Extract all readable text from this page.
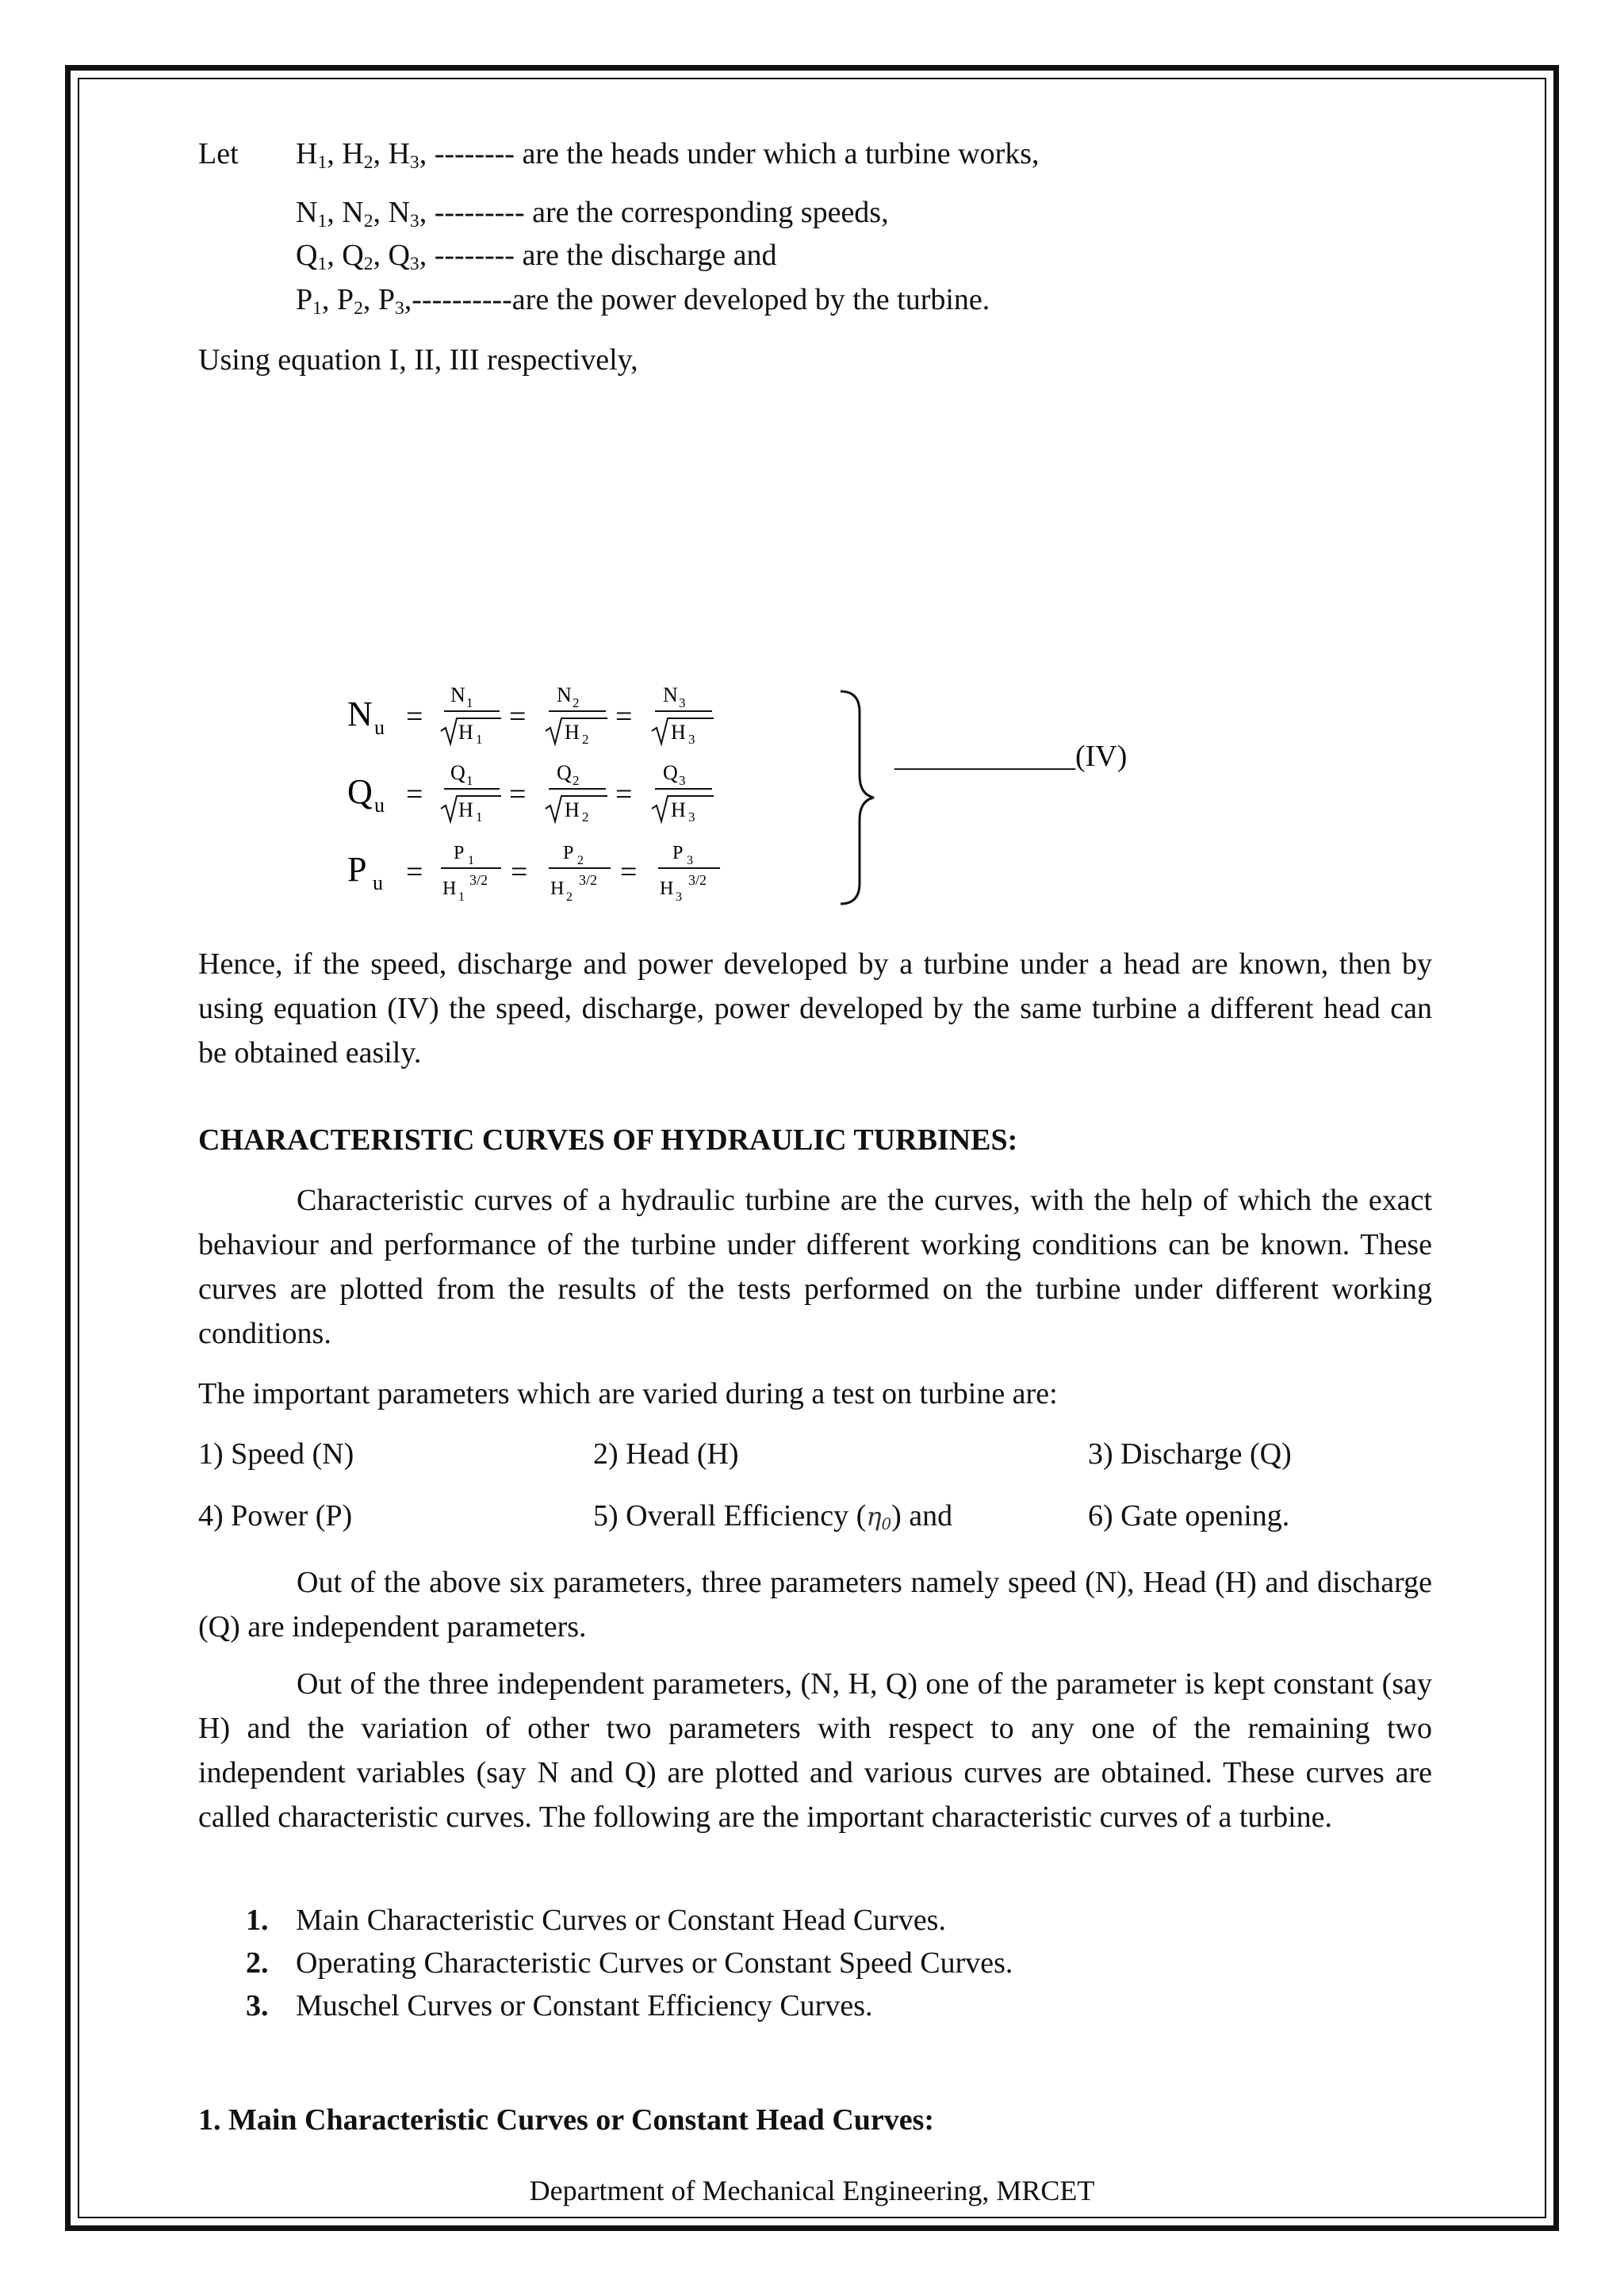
Let $H_1$, $H_2$, $H_3$, -------- are the heads under which a turbine works,
$N_1$, $N_2$, $N_3$, --------- are the corresponding speeds,
$Q_1$, $Q_2$, $Q_3$, -------- are the discharge and
$P_1$, $P_2$, $P_3,---------$-are the power developed by the turbine.
Using equation I, II, III respectively,
N u =
N 1
H 1
=
N 2
H 2
=
N 3
H 3
Q u =
Q 1
H 1
=
Q 2
H 2
=
Q 3
H 3
P u =
P 1
H 1
3/2 =
P 2
H 2
3/2 =
P 3
H 3
3/2
____________(IV)
Hence, if the speed, discharge and power developed by a turbine under a head are known, then by using equation (IV) the speed, discharge, power developed by the same turbine a different head can be obtained easily.
CHARACTERISTIC CURVES OF HYDRAULIC TURBINES:
Characteristic curves of a hydraulic turbine are the curves, with the help of which the exact behaviour and performance of the turbine under different working conditions can be known. These curves are plotted from the results of the tests performed on the turbine under different working conditions.
The important parameters which are varied during a test on turbine are:
1) Speed (N)	2) Head (H)	3) Discharge (Q)
4) Power (P)	5) Overall Efficiency $(\eta_0)$ and	6) Gate opening.
Out of the above six parameters, three parameters namely speed (N), Head (H) and discharge (Q) are independent parameters.
Out of the three independent parameters, (N, H, Q) one of the parameter is kept constant (say H) and the variation of other two parameters with respect to any one of the remaining two independent variables (say N and Q) are plotted and various curves are obtained. These curves are called characteristic curves. The following are the important characteristic curves of a turbine.
1. Main Characteristic Curves or Constant Head Curves.
2. Operating Characteristic Curves or Constant Speed Curves.
3. Muschel Curves or Constant Efficiency Curves.
1. Main Characteristic Curves or Constant Head Curves:
Department of Mechanical Engineering, MRCET
